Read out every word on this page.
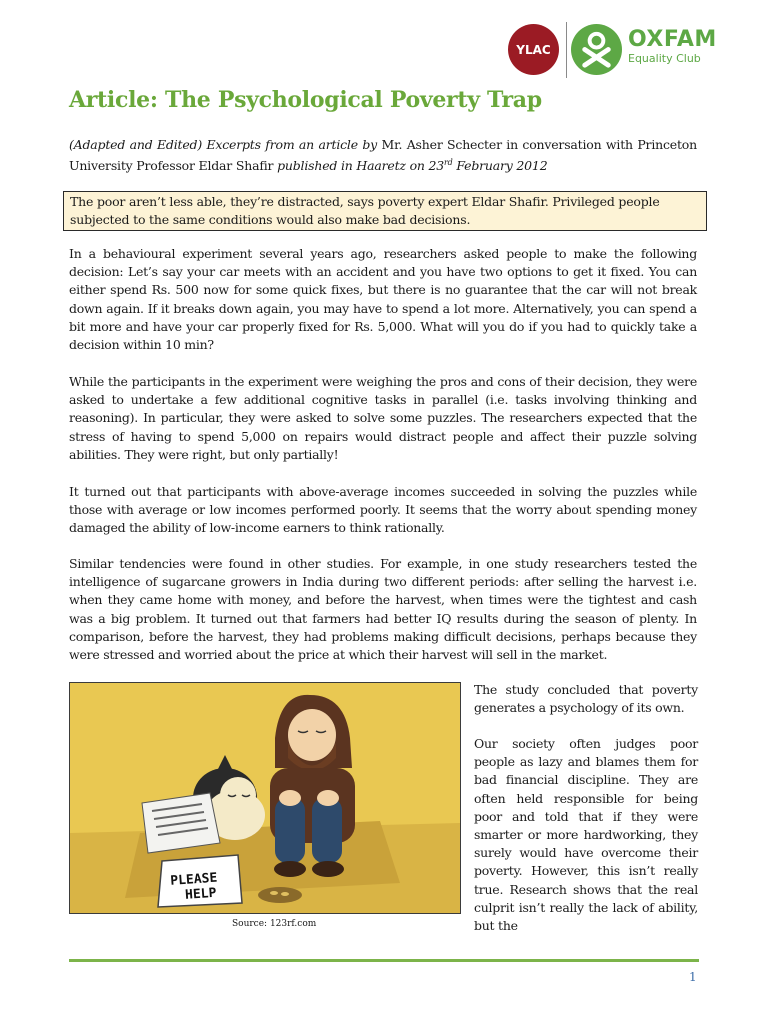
YLAC	OXFAM
Equality Club
Article: The Psychological Poverty Trap

(Adapted and Edited) Excerpts from an article by Mr. Asher Schecter in conversation with Princeton University Professor Eldar Shafir published in Haaretz on 23rd February 2012

The poor aren’t less able, they’re distracted, says poverty expert Eldar Shafir. Privileged people subjected to the same conditions would also make bad decisions.

In a behavioural experiment several years ago, researchers asked people to make the following decision: Let’s say your car meets with an accident and you have two options to get it fixed. You can either spend Rs. 500 now for some quick fixes, but there is no guarantee that the car will not break down again. If it breaks down again, you may have to spend a lot more. Alternatively, you can spend a bit more and have your car properly fixed for Rs. 5,000. What will you do if you had to quickly take a decision within 10 min?

While the participants in the experiment were weighing the pros and cons of their decision, they were asked to undertake a few additional cognitive tasks in parallel (i.e. tasks involving thinking and reasoning). In particular, they were asked to solve some puzzles. The researchers expected that the stress of having to spend 5,000 on repairs would distract people and affect their puzzle solving abilities. They were right, but only partially!

It turned out that participants with above-average incomes succeeded in solving the puzzles while those with average or low incomes performed poorly. It seems that the worry about spending money damaged the ability of low-income earners to think rationally.

Similar tendencies were found in other studies. For example, in one study researchers tested the intelligence of sugarcane growers in India during two different periods: after selling the harvest i.e. when they came home with money, and before the harvest, when times were the tightest and cash was a big problem. It turned out that farmers had better IQ results during the season of plenty. In comparison, before the harvest, they had problems making difficult decisions, perhaps because they were stressed and worried about the price at which their harvest will sell in the market.

PLEASE HELP
Source: 123rf.com

The study concluded that poverty generates a psychology of its own.

Our society often judges poor people as lazy and blames them for bad financial discipline. They are often held responsible for being poor and told that if they were smarter or more hardworking, they surely would have overcome their poverty. However, this isn’t really true. Research shows that the real culprit isn’t really the lack of ability, but the

1
